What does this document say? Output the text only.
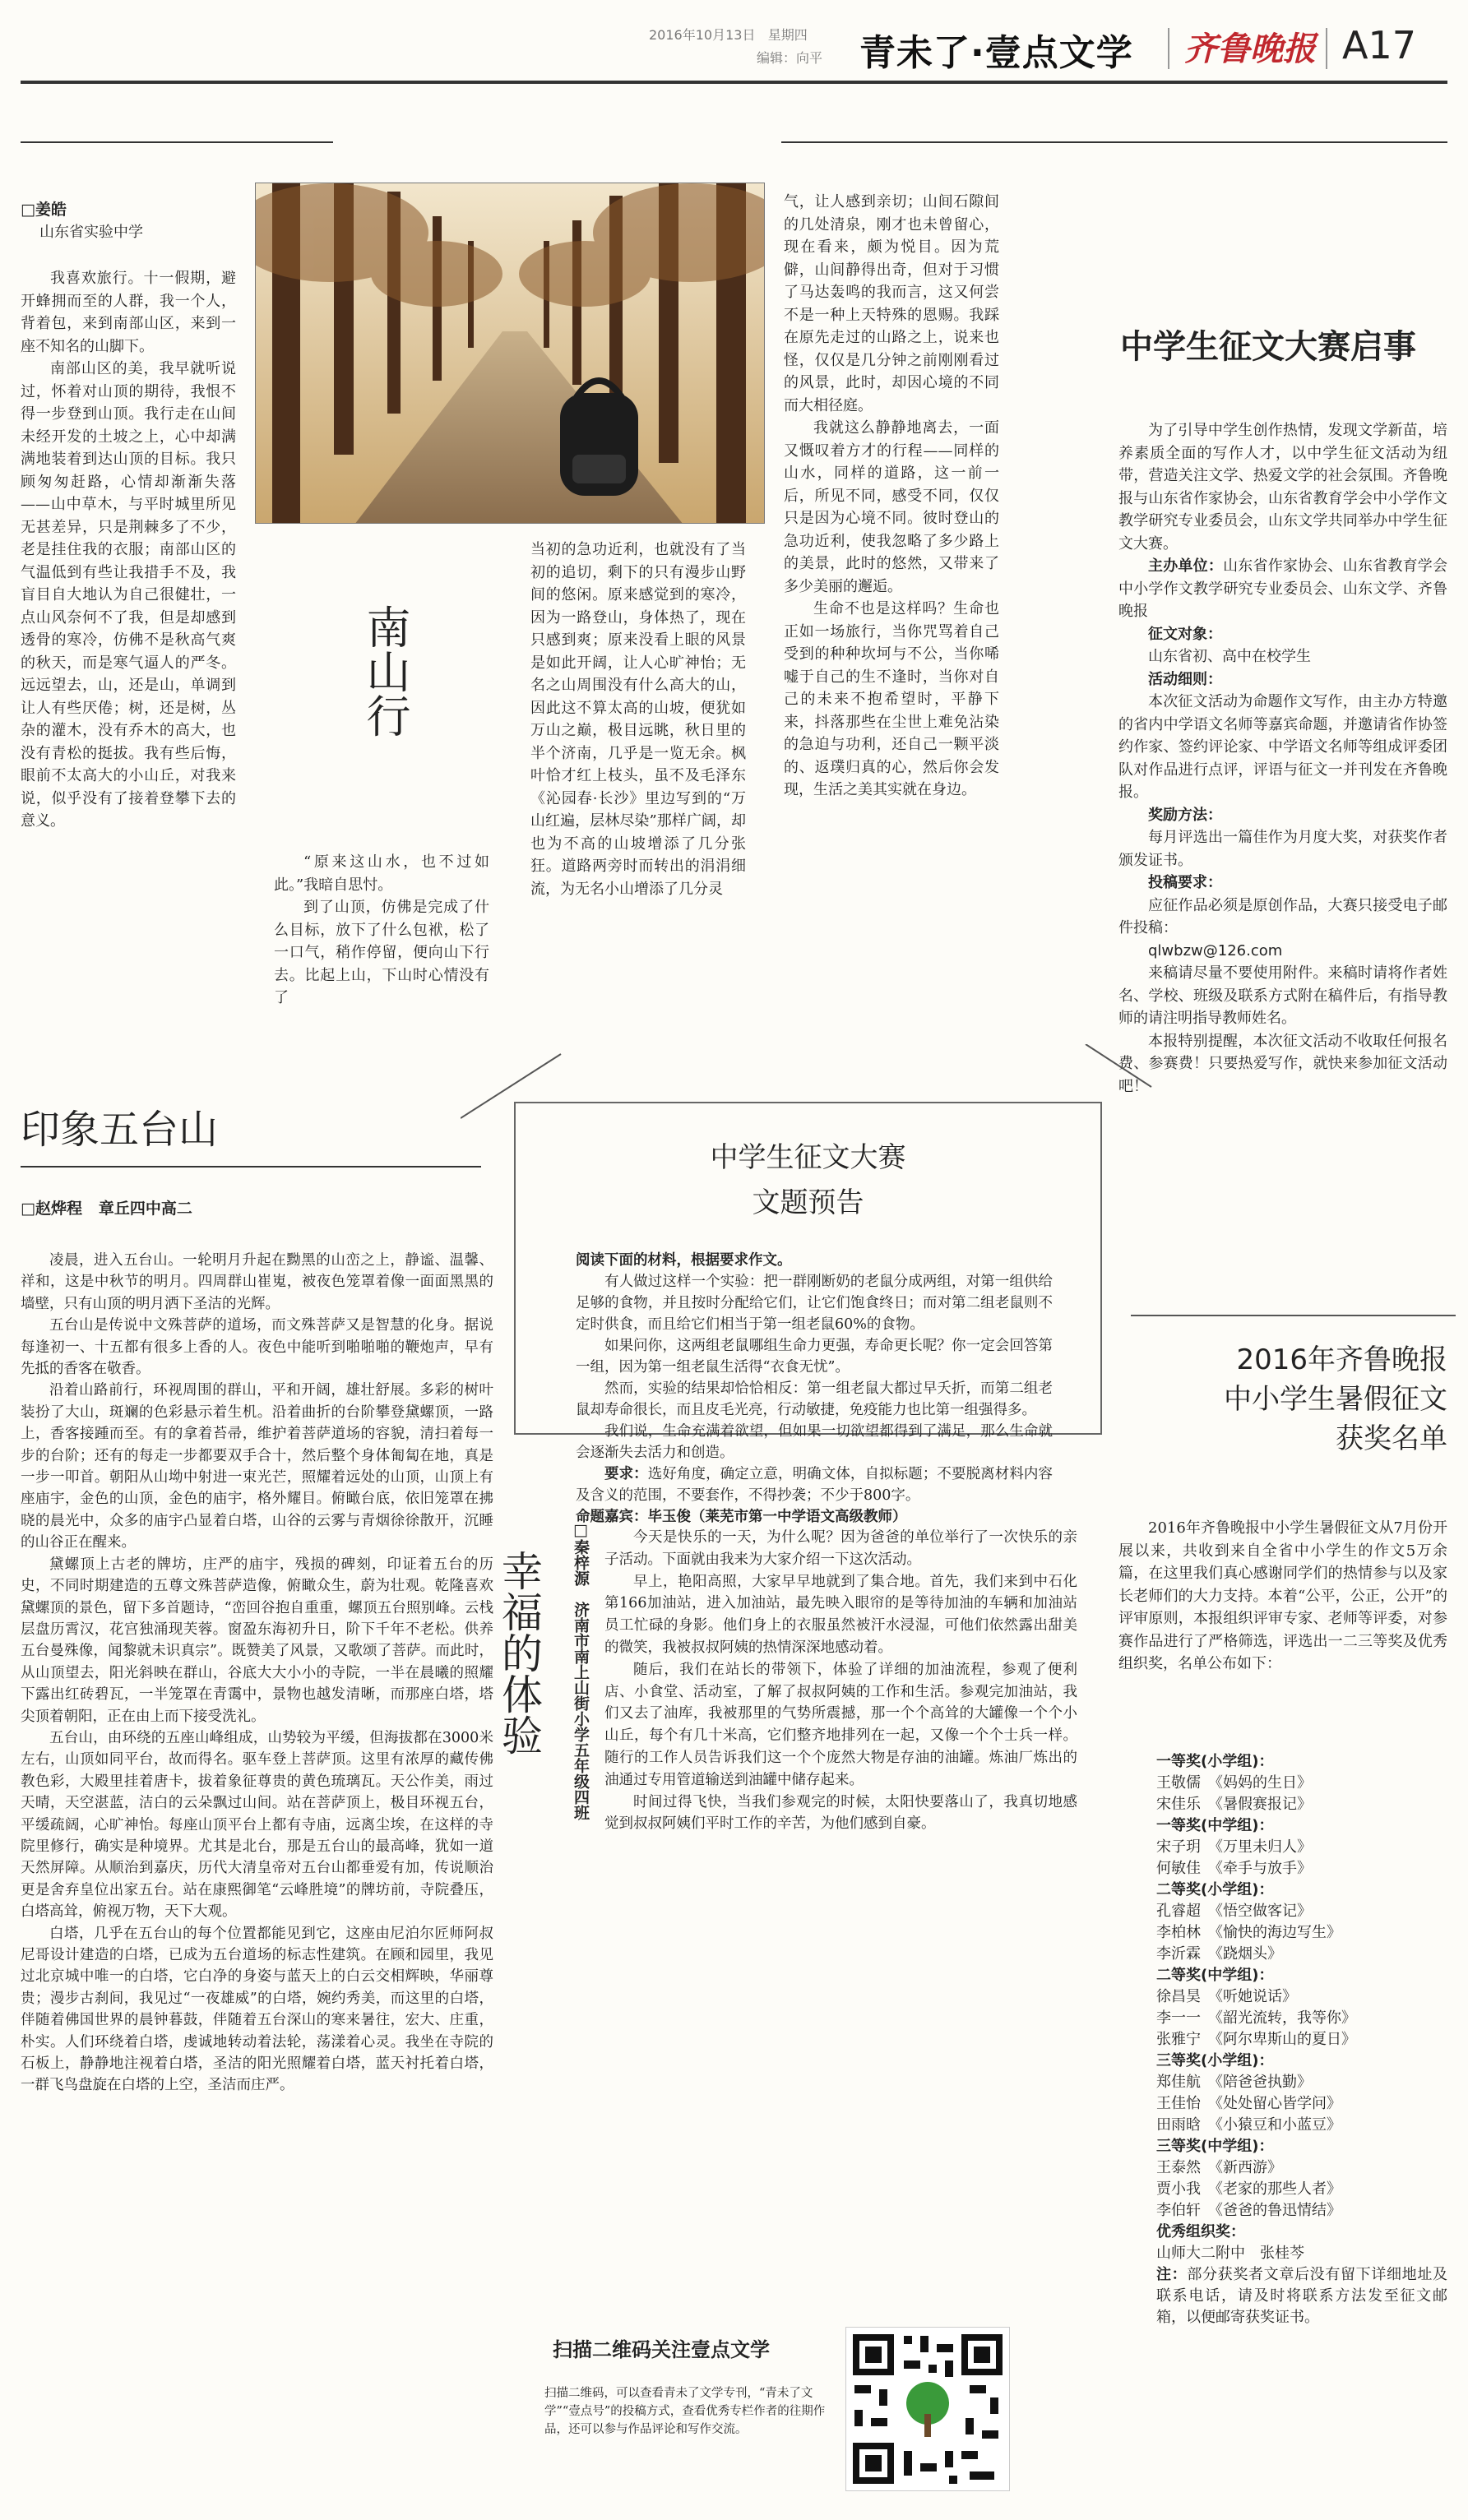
2016年10月13日 星期四
编辑：向平 青未了·壹点文学 齐鲁晚报 A17
□姜皓
山东省实验中学

我喜欢旅行。十一假期，避开蜂拥而至的人群，我一个人，背着包，来到南部山区，来到一座不知名的山脚下。

南部山区的美，我早就听说过，怀着对山顶的期待，我恨不得一步登到山顶。我行走在山间未经开发的土坡之上，心中却满满地装着到达山顶的目标。我只顾匆匆赶路，心情却渐渐失落——山中草木，与平时城里所见无甚差异，只是荆棘多了不少，老是挂住我的衣服；南部山区的气温低到有些让我措手不及，我盲目自大地认为自己很健壮，一点山风奈何不了我，但是却感到透骨的寒冷，仿佛不是秋高气爽的秋天，而是寒气逼人的严冬。远远望去，山，还是山，单调到让人有些厌倦；树，还是树，丛杂的灌木，没有乔木的高大，也没有青松的挺拔。我有些后悔，眼前不太高大的小山丘，对我来说，似乎没有了接着登攀下去的意义。

南山行

“原来这山水，也不过如此。”我暗自思忖。

到了山顶，仿佛是完成了什么目标，放下了什么包袱，松了一口气，稍作停留，便向山下行去。比起上山，下山时心情没有了

当初的急功近利，也就没有了当初的追切，剩下的只有漫步山野间的悠闲。原来感觉到的寒冷，因为一路登山，身体热了，现在只感到爽；原来没看上眼的风景是如此开阔，让人心旷神怡；无名之山周围没有什么高大的山，因此这不算太高的山坡，便犹如万山之巅，极目远眺，秋日里的半个济南，几乎是一览无余。枫叶恰才红上枝头，虽不及毛泽东《沁园春·长沙》里边写到的“万山红遍，层林尽染”那样广阔，却也为不高的山坡增添了几分张狂。道路两旁时而转出的涓涓细流，为无名小山增添了几分灵

气，让人感到亲切；山间石隙间的几处清泉，刚才也未曾留心，现在看来，颇为悦目。因为荒僻，山间静得出奇，但对于习惯了马达轰鸣的我而言，这又何尝不是一种上天特殊的恩赐。我踩在原先走过的山路之上，说来也怪，仅仅是几分钟之前刚刚看过的风景，此时，却因心境的不同而大相径庭。

我就这么静静地离去，一面又慨叹着方才的行程——同样的山水，同样的道路，这一前一后，所见不同，感受不同，仅仅只是因为心境不同。彼时登山的急功近利，使我忽略了多少路上的美景，此时的悠然，又带来了多少美丽的邂逅。

生命不也是这样吗？生命也正如一场旅行，当你咒骂着自己受到的种种坎坷与不公，当你唏嘘于自己的生不逢时，当你对自己的未来不抱希望时，平静下来，抖落那些在尘世上难免沾染的急迫与功利，还自己一颗平淡的、返璞归真的心，然后你会发现，生活之美其实就在身边。

中学生征文大赛启事

为了引导中学生创作热情，发现文学新苗，培养素质全面的写作人才，以中学生征文活动为纽带，营造关注文学、热爱文学的社会氛围。齐鲁晚报与山东省作家协会，山东省教育学会中小学作文教学研究专业委员会，山东文学共同举办中学生征文大赛。

主办单位：山东省作家协会、山东省教育学会中小学作文教学研究专业委员会、山东文学、齐鲁晚报

征文对象：

山东省初、高中在校学生

活动细则：

本次征文活动为命题作文写作，由主办方特邀的省内中学语文名师等嘉宾命题，并邀请省作协签约作家、签约评论家、中学语文名师等组成评委团队对作品进行点评，评语与征文一并刊发在齐鲁晚报。

奖励方法：

每月评选出一篇佳作为月度大奖，对获奖作者颁发证书。

投稿要求：

应征作品必须是原创作品，大赛只接受电子邮件投稿：

qlwbzw@126.com

来稿请尽量不要使用附件。来稿时请将作者姓名、学校、班级及联系方式附在稿件后，有指导教师的请注明指导教师姓名。

本报特别提醒，本次征文活动不收取任何报名费、参赛费！只要热爱写作，就快来参加征文活动吧！

印象五台山
□赵烨程 章丘四中高二

凌晨，进入五台山。一轮明月升起在黝黑的山峦之上，静谧、温馨、祥和，这是中秋节的明月。四周群山崔嵬，被夜色笼罩着像一面面黑黑的墙壁，只有山顶的明月洒下圣洁的光辉。

五台山是传说中文殊菩萨的道场，而文殊菩萨又是智慧的化身。据说每逢初一、十五都有很多上香的人。夜色中能听到啪啪啪的鞭炮声，早有先抵的香客在敬香。

沿着山路前行，环视周围的群山，平和开阔，雄壮舒展。多彩的树叶装扮了大山，斑斓的色彩悬示着生机。沿着曲折的台阶攀登黛螺顶，一路上，香客接踵而至。有的拿着苔帚，维护着菩萨道场的容貌，清扫着每一步的台阶；还有的每走一步都要双手合十，然后整个身体匍匐在地，真是一步一叩首。朝阳从山坳中射进一束光芒，照耀着远处的山顶，山顶上有座庙宇，金色的山顶，金色的庙宇，格外耀目。俯瞰台底，依旧笼罩在拂晓的晨光中，众多的庙宇凸显着白塔，山谷的云雾与青烟徐徐散开，沉睡的山谷正在醒来。

黛螺顶上古老的牌坊，庄严的庙宇，残损的碑刻，印证着五台的历史，不同时期建造的五尊文殊菩萨造像，俯瞰众生，蔚为壮观。乾隆喜欢黛螺顶的景色，留下多首题诗，“峦回谷抱自重重，螺顶五台照别峰。云栈层盘历霄汉，花宫独涌现芙蓉。窗盈东海初升日，阶下千年不老松。供养五台曼殊像，闻黎就未识真宗”。既赞美了风景，又歌颂了菩萨。而此时，从山顶望去，阳光斜映在群山，谷底大大小小的寺院，一半在晨曦的照耀下露出红砖碧瓦，一半笼罩在青霭中，景物也越发清晰，而那座白塔，塔尖顶着朝阳，正在由上而下接受洗礼。

五台山，由环绕的五座山峰组成，山势较为平缓，但海拔都在3000米左右，山顶如同平台，故而得名。驱车登上菩萨顶。这里有浓厚的藏传佛教色彩，大殿里挂着唐卡，拔着象征尊贵的黄色琉璃瓦。天公作美，雨过天晴，天空湛蓝，洁白的云朵飘过山间。站在菩萨顶上，极目环视五台，平缓疏阔，心旷神怡。每座山顶平台上都有寺庙，远离尘埃，在这样的寺院里修行，确实是种境界。尤其是北台，那是五台山的最高峰，犹如一道天然屏障。从顺治到嘉庆，历代大清皇帝对五台山都垂爱有加，传说顺治更是舍弃皇位出家五台。站在康熙御笔“云峰胜境”的牌坊前，寺院叠压，白塔高耸，俯视万物，天下大观。

白塔，几乎在五台山的每个位置都能见到它，这座由尼泊尔匠师阿叔尼哥设计建造的白塔，已成为五台道场的标志性建筑。在顾和园里，我见过北京城中唯一的白塔，它白净的身姿与蓝天上的白云交相辉映，华丽尊贵；漫步古刹间，我见过“一夜雄威”的白塔，婉约秀美，而这里的白塔，伴随着佛国世界的晨钟暮鼓，伴随着五台深山的寒来暑往，宏大、庄重，朴实。人们环绕着白塔，虔诚地转动着法轮，荡漾着心灵。我坐在寺院的石板上，静静地注视着白塔，圣洁的阳光照耀着白塔，蓝天衬托着白塔，一群飞鸟盘旋在白塔的上空，圣洁而庄严。

中学生征文大赛
文题预告

阅读下面的材料，根据要求作文。

有人做过这样一个实验：把一群刚断奶的老鼠分成两组，对第一组供给足够的食物，并且按时分配给它们，让它们饱食终日；而对第二组老鼠则不定时供食，而且给它们相当于第一组老鼠60%的食物。

如果问你，这两组老鼠哪组生命力更强，寿命更长呢？你一定会回答第一组，因为第一组老鼠生活得“衣食无忧”。

然而，实验的结果却恰恰相反：第一组老鼠大都过早夭折，而第二组老鼠却寿命很长，而且皮毛光亮，行动敏捷，免疫能力也比第一组强得多。

我们说，生命充满着欲望，但如果一切欲望都得到了满足，那么生命就会逐渐失去活力和创造。

要求：选好角度，确定立意，明确文体，自拟标题；不要脱离材料内容及含义的范围，不要套作，不得抄袭；不少于800字。

命题嘉宾：毕玉俊（莱芜市第一中学语文高级教师）

幸福的体验
□秦梓源　济南市南上山街小学五年级四班

今天是快乐的一天，为什么呢？因为爸爸的单位举行了一次快乐的亲子活动。下面就由我来为大家介绍一下这次活动。

早上，艳阳高照，大家早早地就到了集合地。首先，我们来到中石化第166加油站，进入加油站，最先映入眼帘的是等待加油的车辆和加油站员工忙碌的身影。他们身上的衣服虽然被汗水浸湿，可他们依然露出甜美的微笑，我被叔叔阿姨的热情深深地感动着。

随后，我们在站长的带领下，体验了详细的加油流程，参观了便利店、小食堂、活动室，了解了叔叔阿姨的工作和生活。参观完加油站，我们又去了油库，我被那里的气势所震撼，那一个个高耸的大罐像一个个小山丘，每个有几十米高，它们整齐地排列在一起，又像一个个士兵一样。随行的工作人员告诉我们这一个个庞然大物是存油的油罐。炼油厂炼出的油通过专用管道输送到油罐中储存起来。

时间过得飞快，当我们参观完的时候，太阳快要落山了，我真切地感觉到叔叔阿姨们平时工作的辛苦，为他们感到自豪。

扫描二维码关注壹点文学
扫描二维码，可以查看青未了文学专刊，“青未了文学”“壹点号”的投稿方式，查看优秀专栏作者的往期作品，还可以参与作品评论和写作交流。
2016年齐鲁晚报
中小学生暑假征文
获奖名单

2016年齐鲁晚报中小学生暑假征文从7月份开展以来，共收到来自全省中小学生的作文5万余篇，在这里我们真心感谢同学们的热情参与以及家长老师们的大力支持。本着“公平，公正，公开”的评审原则，本报组织评审专家、老师等评委，对参赛作品进行了严格筛选，评选出一二三等奖及优秀组织奖，名单公布如下：

一等奖(小学组)：
王敬儒　 《妈妈的生日》
宋佳乐　 《暑假赛报记》
一等奖(中学组)：
宋子玥　 《万里未归人》
何敏佳　 《牵手与放手》
二等奖(小学组)：
孔睿超　 《悟空做客记》
李柏林　 《愉快的海边写生》
李沂霖　 《跷烟头》
二等奖(中学组)：
徐昌昊　 《听她说话》
李一一　 《韶光流转，我等你》
张雅宁　 《阿尔卑斯山的夏日》
三等奖(小学组)：
郑佳航　 《陪爸爸执勤》
王佳怡　 《处处留心皆学问》
田雨晗　 《小猿豆和小蓝豆》
三等奖(中学组)：
王泰然　 《新西游》
贾小我　 《老家的那些人者》
李伯轩　 《爸爸的鲁迅情结》
优秀组织奖：
山师大二附中　张桂芩
注：部分获奖者文章后没有留下详细地址及联系电话，请及时将联系方法发至征文邮箱，以便邮寄获奖证书。
